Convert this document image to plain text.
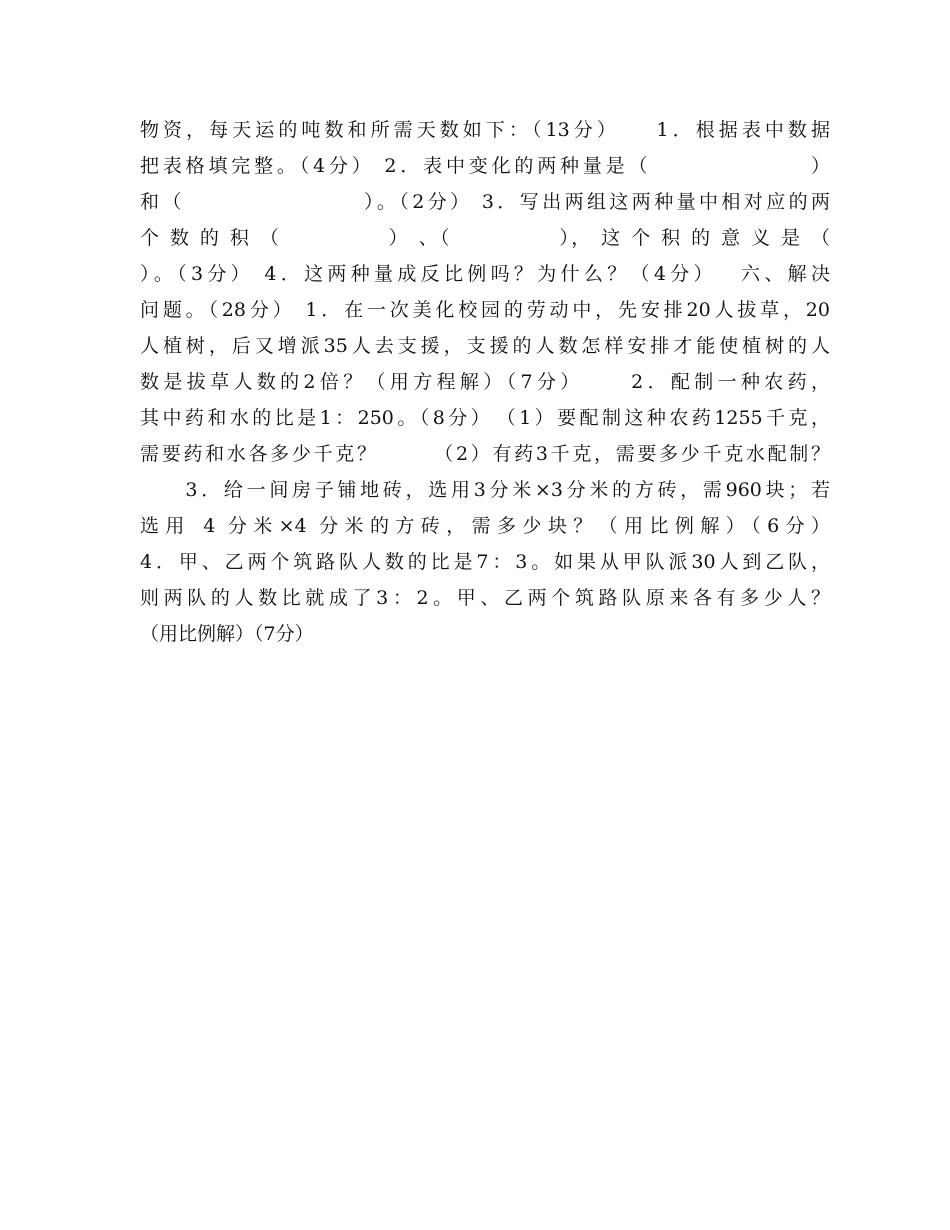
物资，每天运的吨数和所需天数如下：（13分）　　1．根据表中数据
把表格填完整。（4分） 2．表中变化的两种量是（　　　　　　　）
和（　　　　　　　　）。（2分） 3．写出两组这两种量中相对应的两
个 数 的 积 （　　　　　） 、（　　　　　）， 这 个 积 的 意 义 是 （
）。（3分） 4．这两种量成反比例吗？为什么？（4分）　 六、解决
问题。（28分） 1．在一次美化校园的劳动中，先安排20人拔草，20
人植树，后又增派35人去支援，支援的人数怎样安排才能使植树的人
数是拔草人数的2倍？（用方程解）（7分）　　 2．配制一种农药，
其中药和水的比是1：250。（8分）　（1）要配制这种农药1255千克，
需要药和水各多少千克？　　　（2）有药3千克，需要多少千克水配制？
　　3．给一间房子铺地砖，选用3分米×3分米的方砖，需960块；若
选用 4 分米×4 分米的方砖，需多少块？（用比例解）（6分）
4．甲、乙两个筑路队人数的比是7：3。如果从甲队派30人到乙队，
则两队的人数比就成了3：2。甲、乙两个筑路队原来各有多少人？
（用比例解）（7分）
